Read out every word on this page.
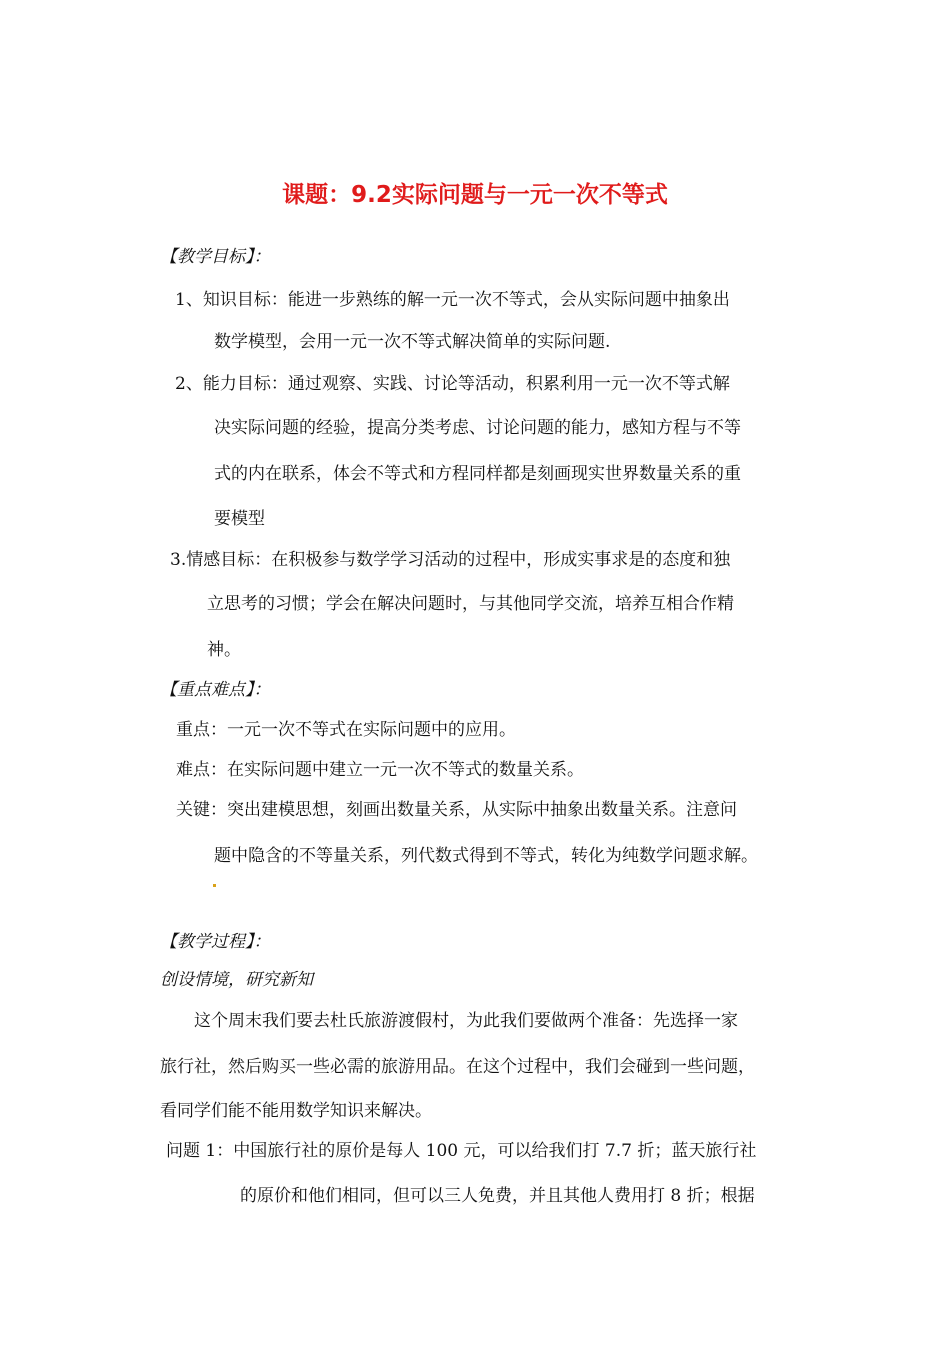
课题：9.2实际问题与一元一次不等式
【教学目标】：
1、知识目标：能进一步熟练的解一元一次不等式，会从实际问题中抽象出
数学模型，会用一元一次不等式解决简单的实际问题.
2、能力目标：通过观察、实践、讨论等活动，积累利用一元一次不等式解
决实际问题的经验，提高分类考虑、讨论问题的能力，感知方程与不等
式的内在联系，体会不等式和方程同样都是刻画现实世界数量关系的重
要模型
3.情感目标：在积极参与数学学习活动的过程中，形成实事求是的态度和独
立思考的习惯；学会在解决问题时，与其他同学交流，培养互相合作精
神。
【重点难点】：
重点：一元一次不等式在实际问题中的应用。
难点：在实际问题中建立一元一次不等式的数量关系。
关键：突出建模思想，刻画出数量关系，从实际中抽象出数量关系。注意问
题中隐含的不等量关系，列代数式得到不等式，转化为纯数学问题求解。
【教学过程】：
创设情境，研究新知
这个周末我们要去杜氏旅游渡假村，为此我们要做两个准备：先选择一家
旅行社，然后购买一些必需的旅游用品。在这个过程中，我们会碰到一些问题，
看同学们能不能用数学知识来解决。
问题 1：中国旅行社的原价是每人 100 元，可以给我们打 7.7 折；蓝天旅行社
的原价和他们相同，但可以三人免费，并且其他人费用打 8 折；根据
